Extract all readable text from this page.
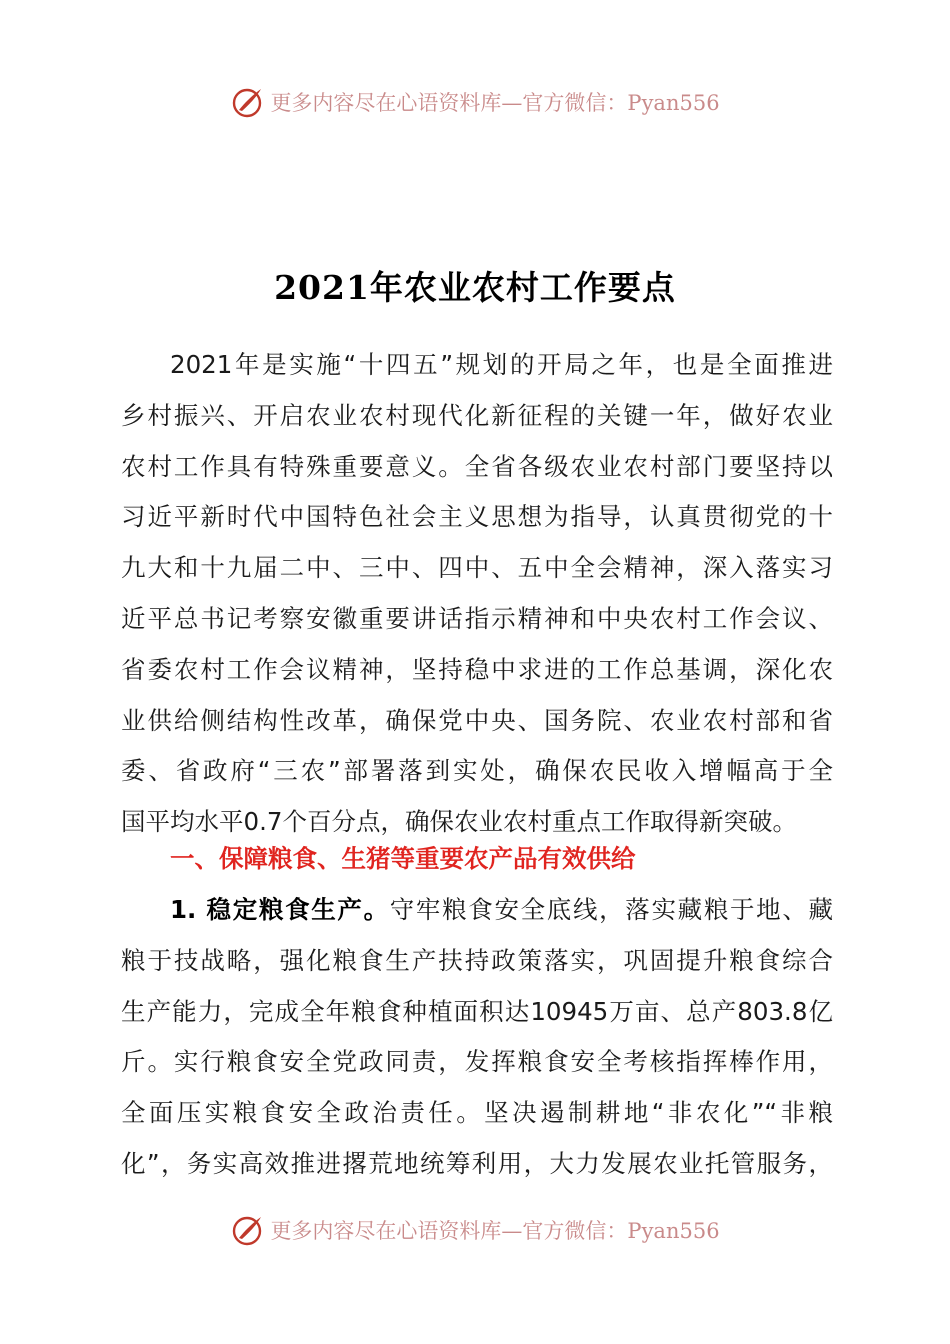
更多内容尽在心语资料库—官方微信：Pyan556
2021年农业农村工作要点
2021年是实施“十四五”规划的开局之年，也是全面推进
乡村振兴、开启农业农村现代化新征程的关键一年，做好农业
农村工作具有特殊重要意义。全省各级农业农村部门要坚持以
习近平新时代中国特色社会主义思想为指导，认真贯彻党的十
九大和十九届二中、三中、四中、五中全会精神，深入落实习
近平总书记考察安徽重要讲话指示精神和中央农村工作会议、
省委农村工作会议精神，坚持稳中求进的工作总基调，深化农
业供给侧结构性改革，确保党中央、国务院、农业农村部和省
委、省政府“三农”部署落到实处，确保农民收入增幅高于全
国平均水平0.7个百分点，确保农业农村重点工作取得新突破。
一、保障粮食、生猪等重要农产品有效供给
1. 稳定粮食生产。守牢粮食安全底线，落实藏粮于地、藏
粮于技战略，强化粮食生产扶持政策落实，巩固提升粮食综合
生产能力，完成全年粮食种植面积达10945万亩、总产803.8亿
斤。实行粮食安全党政同责，发挥粮食安全考核指挥棒作用，
全面压实粮食安全政治责任。坚决遏制耕地“非农化”“非粮
化”，务实高效推进撂荒地统筹利用，大力发展农业托管服务，
更多内容尽在心语资料库—官方微信：Pyan556
